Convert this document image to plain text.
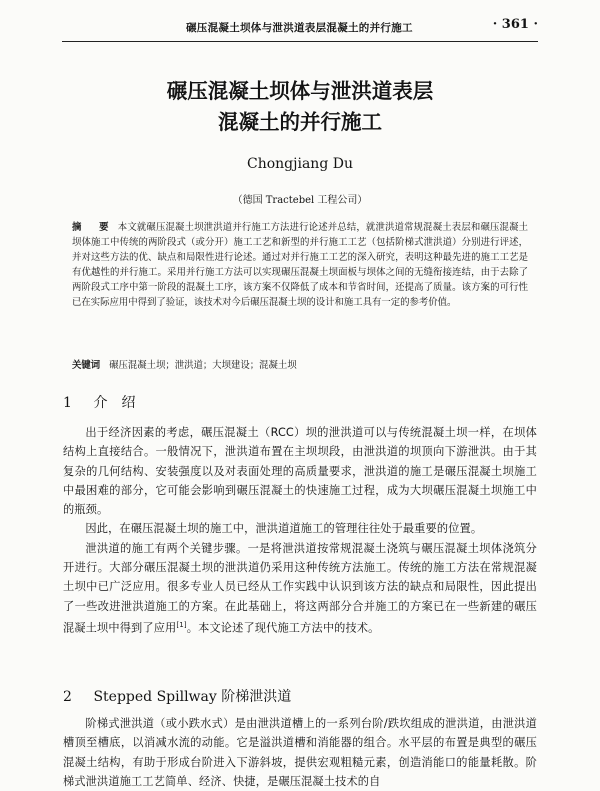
碾压混凝土坝体与泄洪道表层混凝土的并行施工	· 361 ·
碾压混凝土坝体与泄洪道表层
混凝土的并行施工
Chongjiang Du
（德国 Tractebel 工程公司）
摘　要 本文就碾压混凝土坝泄洪道并行施工方法进行论述并总结，就泄洪道常规混凝土表层和碾压混凝土坝体施工中传统的两阶段式（或分开）施工工艺和新型的并行施工工艺（包括阶梯式泄洪道）分别进行评述，并对这些方法的优、缺点和局限性进行论述。通过对并行施工工艺的深入研究，表明这种最先进的施工工艺是有优越性的并行施工。采用并行施工方法可以实现碾压混凝土坝面板与坝体之间的无缝衔接连结，由于去除了两阶段式工序中第一阶段的混凝土工序，该方案不仅降低了成本和节省时间，还提高了质量。该方案的可行性已在实际应用中得到了验证，该技术对今后碾压混凝土坝的设计和施工具有一定的参考价值。
关键词 碾压混凝土坝；泄洪道；大坝建设；混凝土坝
1 介　绍

出于经济因素的考虑，碾压混凝土（RCC）坝的泄洪道可以与传统混凝土坝一样，在坝体结构上直接结合。一般情况下，泄洪道布置在主坝坝段，由泄洪道的坝顶向下游泄洪。由于其复杂的几何结构、安装强度以及对表面处理的高质量要求，泄洪道的施工是碾压混凝土坝施工中最困难的部分，它可能会影响到碾压混凝土的快速施工过程，成为大坝碾压混凝土坝施工中的瓶颈。

因此，在碾压混凝土坝的施工中，泄洪道道施工的管理往往处于最重要的位置。

泄洪道的施工有两个关键步骤。一是将泄洪道按常规混凝土浇筑与碾压混凝土坝体浇筑分开进行。大部分碾压混凝土坝的泄洪道仍采用这种传统方法施工。传统的施工方法在常规混凝土坝中已广泛应用。很多专业人员已经从工作实践中认识到该方法的缺点和局限性，因此提出了一些改进泄洪道施工的方案。在此基础上，将这两部分合并施工的方案已在一些新建的碾压混凝土坝中得到了应用[1]。本文论述了现代施工方法中的技术。

2 Stepped Spillway 阶梯泄洪道

阶梯式泄洪道（或小跌水式）是由泄洪道槽上的一系列台阶/跌坎组成的泄洪道，由泄洪道槽顶至槽底，以消减水流的动能。它是溢洪道槽和消能器的组合。水平层的布置是典型的碾压混凝土结构，有助于形成台阶进入下游斜坡，提供宏观粗糙元素，创造消能口的能量耗散。阶梯式泄洪道施工工艺简单、经济、快捷，是碾压混凝土技术的自
